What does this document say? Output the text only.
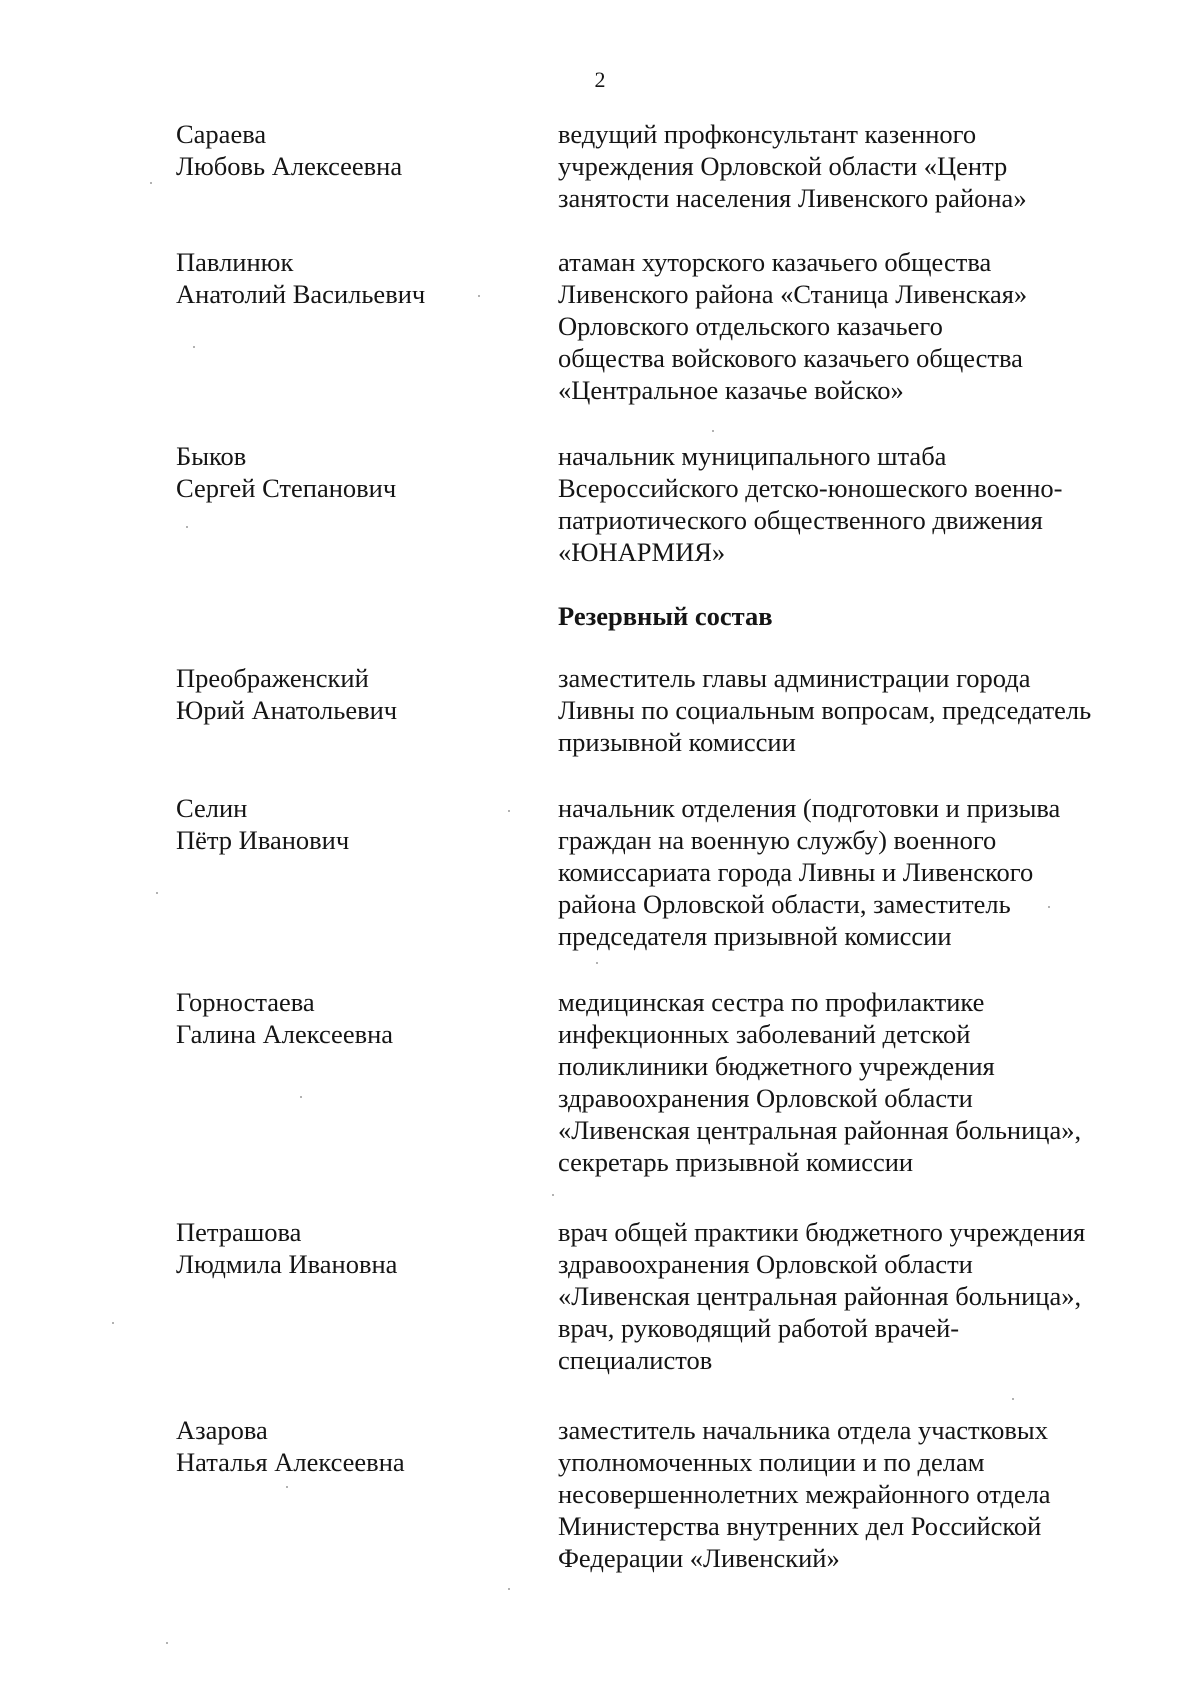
2
Сараева
Любовь Алексеевна
ведущий профконсультант казенного
учреждения Орловской области «Центр
занятости населения Ливенского района»
Павлинюк
Анатолий Васильевич
атаман хуторского казачьего общества
Ливенского района «Станица Ливенская»
Орловского отдельского казачьего
общества войскового казачьего общества
«Центральное казачье войско»
Быков
Сергей Степанович
начальник муниципального штаба
Всероссийского детско-юношеского военно-
патриотического общественного движения
«ЮНАРМИЯ»
Резервный состав
Преображенский
Юрий Анатольевич
заместитель главы администрации города
Ливны по социальным вопросам, председатель
призывной комиссии
Селин
Пётр Иванович
начальник отделения (подготовки и призыва
граждан на военную службу) военного
комиссариата города Ливны и Ливенского
района Орловской области, заместитель
председателя призывной комиссии
Горностаева
Галина Алексеевна
медицинская сестра по профилактике
инфекционных заболеваний детской
поликлиники бюджетного учреждения
здравоохранения Орловской области
«Ливенская центральная районная больница»,
секретарь призывной комиссии
Петрашова
Людмила Ивановна
врач общей практики бюджетного учреждения
здравоохранения Орловской области
«Ливенская центральная районная больница»,
врач, руководящий работой врачей-
специалистов
Азарова
Наталья Алексеевна
заместитель начальника отдела участковых
уполномоченных полиции и по делам
несовершеннолетних межрайонного отдела
Министерства внутренних дел Российской
Федерации «Ливенский»
